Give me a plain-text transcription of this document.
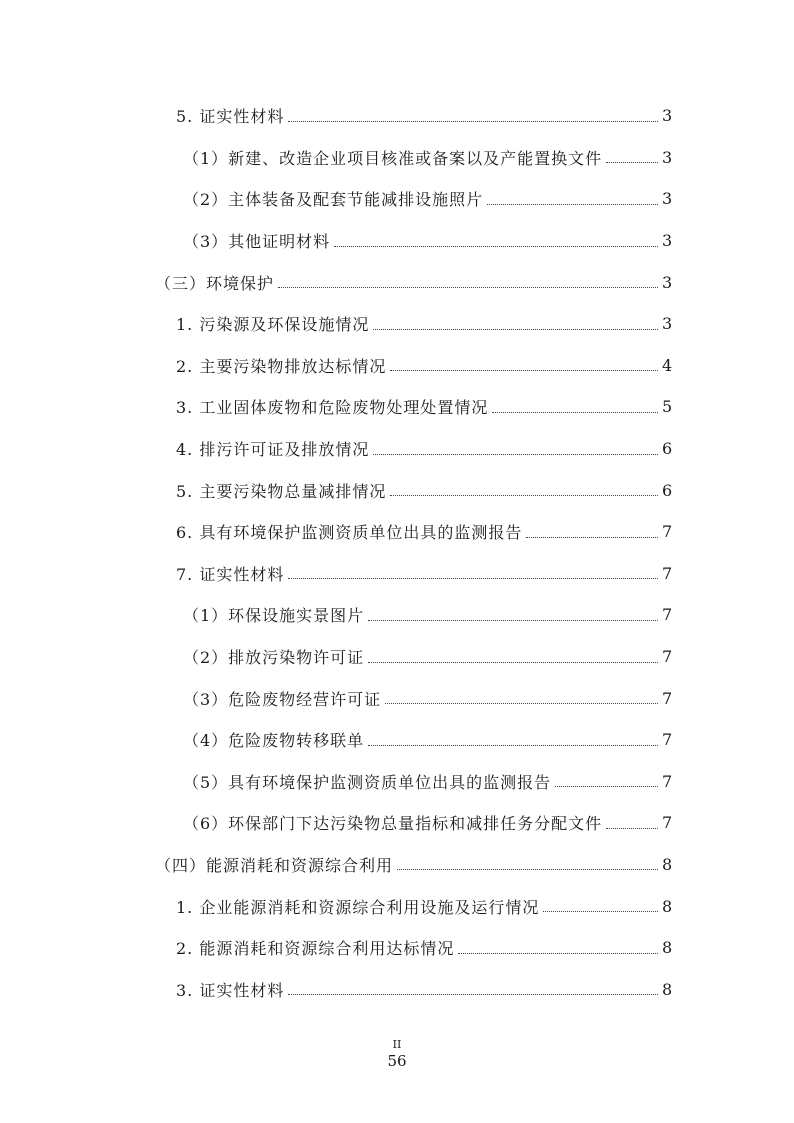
5. 证实性材料	3
（1）新建、改造企业项目核准或备案以及产能置换文件	3
（2）主体装备及配套节能减排设施照片	3
（3）其他证明材料	3
（三）环境保护	3
1. 污染源及环保设施情况	3
2. 主要污染物排放达标情况	4
3. 工业固体废物和危险废物处理处置情况	5
4. 排污许可证及排放情况	6
5. 主要污染物总量减排情况	6
6. 具有环境保护监测资质单位出具的监测报告	7
7. 证实性材料	7
（1）环保设施实景图片	7
（2）排放污染物许可证	7
（3）危险废物经营许可证	7
（4）危险废物转移联单	7
（5）具有环境保护监测资质单位出具的监测报告	7
（6）环保部门下达污染物总量指标和减排任务分配文件	7
（四）能源消耗和资源综合利用	8
1. 企业能源消耗和资源综合利用设施及运行情况	8
2. 能源消耗和资源综合利用达标情况	8
3. 证实性材料	8
II
56
